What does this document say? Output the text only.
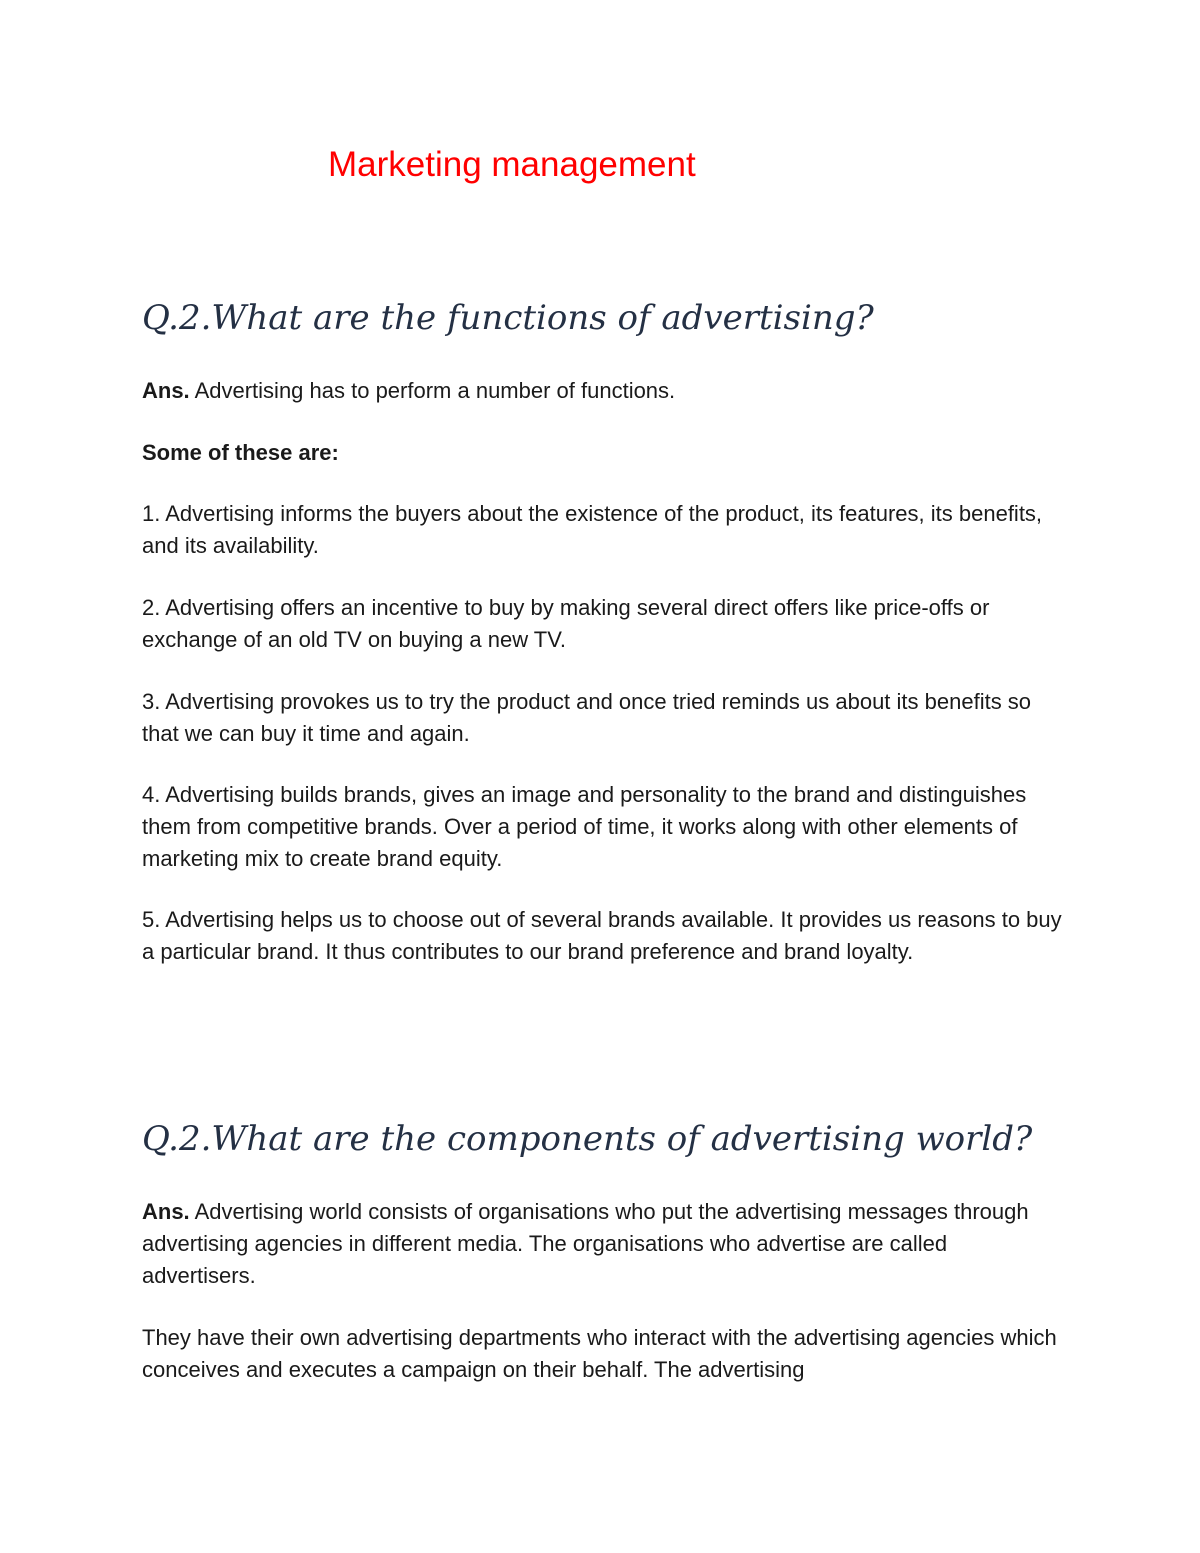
Marketing management
Q.2.What are the functions of advertising?

Ans. Advertising has to perform a number of functions.

Some of these are:

1. Advertising informs the buyers about the existence of the product, its features, its benefits, and its availability.

2. Advertising offers an incentive to buy by making several direct offers like price-offs or exchange of an old TV on buying a new TV.

3. Advertising provokes us to try the product and once tried reminds us about its benefits so that we can buy it time and again.

4. Advertising builds brands, gives an image and personality to the brand and distinguishes them from competitive brands. Over a period of time, it works along with other elements of marketing mix to create brand equity.

5. Advertising helps us to choose out of several brands available. It provides us reasons to buy a particular brand. It thus contributes to our brand preference and brand loyalty.

Q.2.What are the components of advertising world?

Ans. Advertising world consists of organisations who put the advertising messages through advertising agencies in different media. The organisations who advertise are called advertisers.

They have their own advertising departments who interact with the advertising agencies which conceives and executes a campaign on their behalf. The advertising
